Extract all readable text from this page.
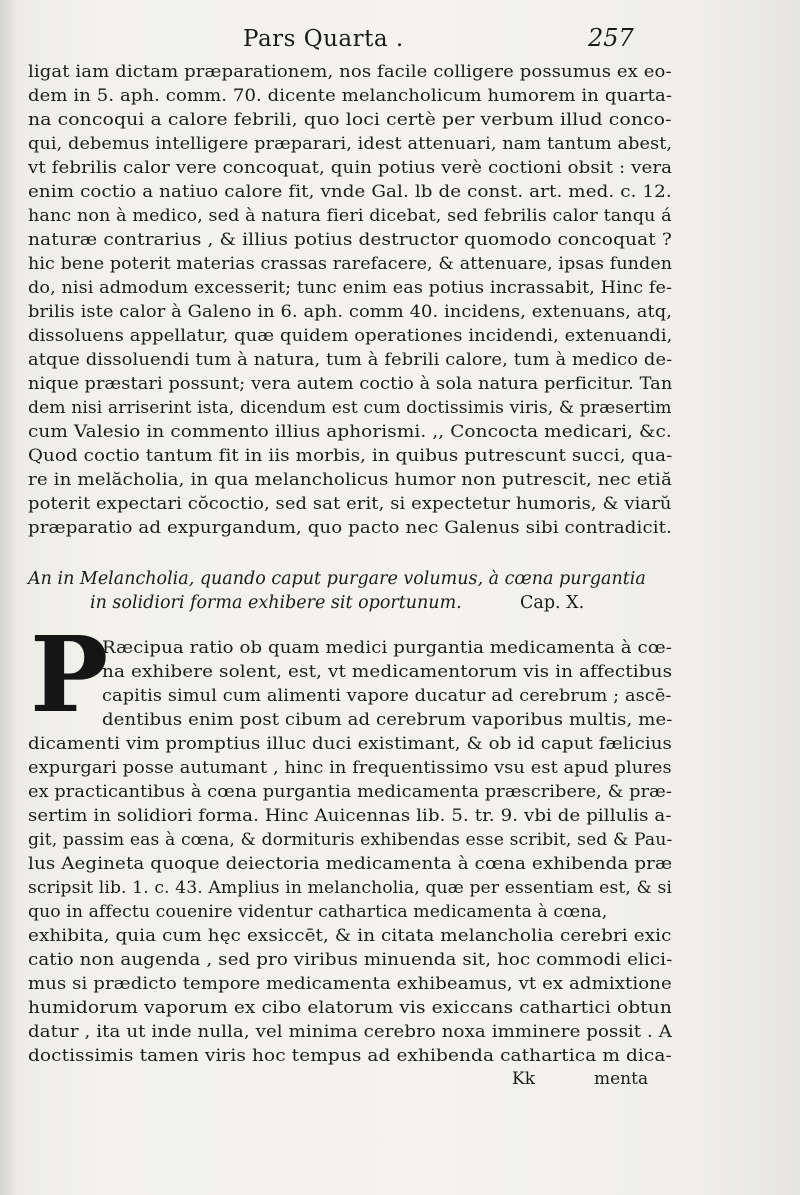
Pars Quarta .	257
ligat iam dictam præparationem, nos facile colligere possumus ex eo-
dem in 5. aph. comm. 70. dicente melancholicum humorem in quarta-
na concoqui a calore febrili, quo loci certè per verbum illud conco-
qui, debemus intelligere præparari, idest attenuari, nam tantum abest,
vt febrilis calor vere concoquat, quin potius verè coctioni obsit : vera
enim coctio a natiuo calore fit, vnde Gal. lb de const. art. med. c. 12.
hanc non à medico, sed à natura fieri dicebat, sed febrilis calor tanqu á
naturæ contrarius , & illius potius destructor quomodo concoquat ?
hic bene poterit materias crassas rarefacere, & attenuare, ipsas funden
do, nisi admodum excesserit; tunc enim eas potius incrassabit, Hinc fe-
brilis iste calor à Galeno in 6. aph. comm 40. incidens, extenuans, atq,
dissoluens appellatur, quæ quidem operationes incidendi, extenuandi,
atque dissoluendi tum à natura, tum à febrili calore, tum à medico de-
nique præstari possunt; vera autem coctio à sola natura perficitur. Tan
dem nisi arriserint ista, dicendum est cum doctissimis viris, & præsertim
cum Valesio in commento illius aphorismi. ,, Concocta medicari, &c.
Quod coctio tantum fit in iis morbis, in quibus putrescunt succi, qua-
re in melăcholia, in qua melancholicus humor non putrescit, nec etiă
poterit expectari cŏcoctio, sed sat erit, si expectetur humoris, & viarŭ
præparatio ad expurgandum, quo pacto nec Galenus sibi contradicit.
An in Melancholia, quando caput purgare volumus, à cœna purgantia
in solidiori forma exhibere sit oportunum.	Cap. X.
P
Ræcipua ratio ob quam medici purgantia medicamenta à cœ-
na exhibere solent, est, vt medicamentorum vis in affectibus
capitis simul cum alimenti vapore ducatur ad cerebrum ; ascē-
dentibus enim post cibum ad cerebrum vaporibus multis, me-
dicamenti vim promptius illuc duci existimant, & ob id caput fælicius
expurgari posse autumant , hinc in frequentissimo vsu est apud plures
ex practicantibus à cœna purgantia medicamenta præscribere, & præ-
sertim in solidiori forma. Hinc Auicennas lib. 5. tr. 9. vbi de pillulis a-
git, passim eas à cœna, & dormituris exhibendas esse scribit, sed & Pau-
lus Aegineta quoque deiectoria medicamenta à cœna exhibenda præ
scripsit lib. 1. c. 43. Amplius in melancholia, quæ per essentiam est, & si
quo in affectu couenire videntur cathartica medicamenta à cœna,
exhibita, quia cum hęc exsiccēt, & in citata melancholia cerebri exic
catio non augenda , sed pro viribus minuenda sit, hoc commodi elici-
mus si prædicto tempore medicamenta exhibeamus, vt ex admixtione
humidorum vaporum ex cibo elatorum vis exiccans cathartici obtun
datur , ita ut inde nulla, vel minima cerebro noxa imminere possit . A
doctissimis tamen viris hoc tempus ad exhibenda cathartica m dica-
Kk	menta
